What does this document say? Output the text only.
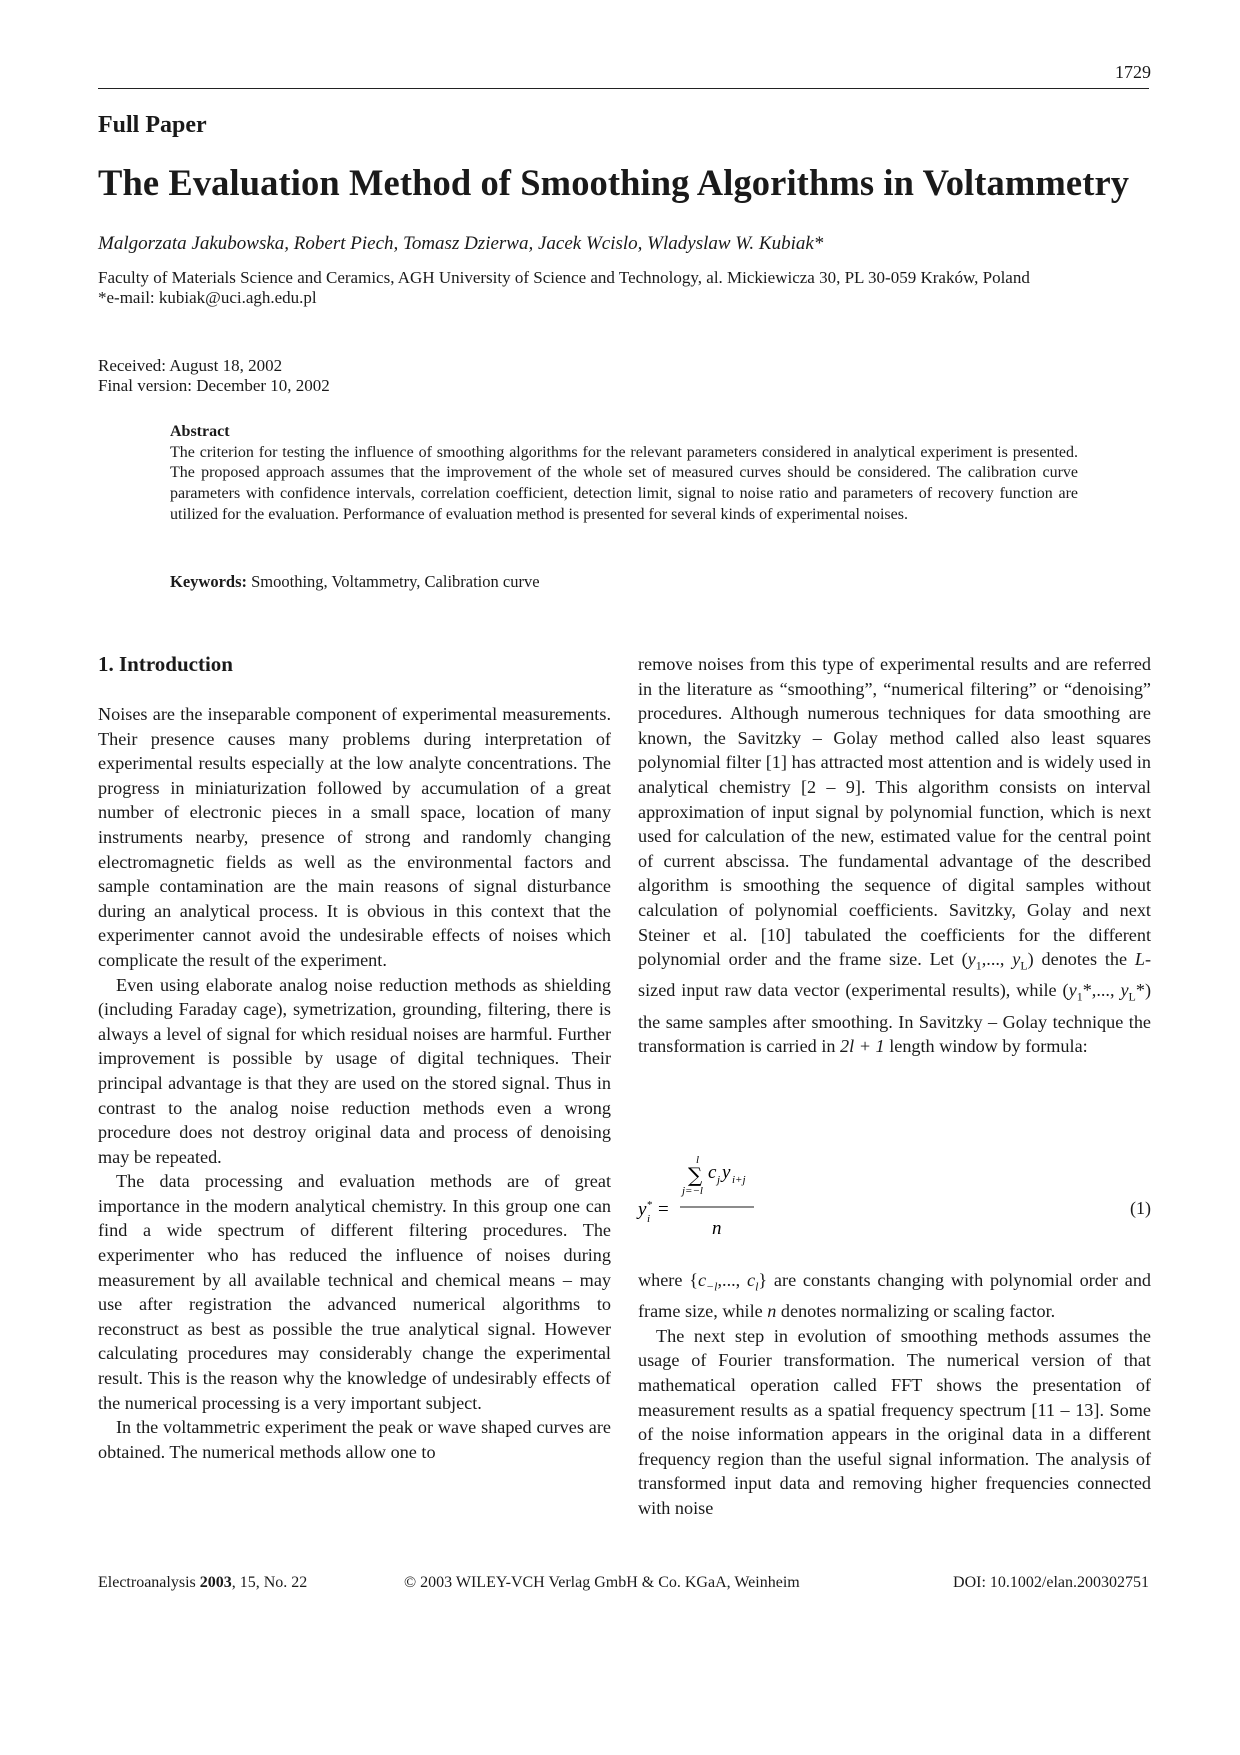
1729
Full Paper
The Evaluation Method of Smoothing Algorithms in Voltammetry
Malgorzata Jakubowska, Robert Piech, Tomasz Dzierwa, Jacek Wcislo, Wladyslaw W. Kubiak*
Faculty of Materials Science and Ceramics, AGH University of Science and Technology, al. Mickiewicza 30, PL 30-059 Kraków, Poland
*e-mail: kubiak@uci.agh.edu.pl
Received: August 18, 2002
Final version: December 10, 2002
Abstract
The criterion for testing the influence of smoothing algorithms for the relevant parameters considered in analytical experiment is presented. The proposed approach assumes that the improvement of the whole set of measured curves should be considered. The calibration curve parameters with confidence intervals, correlation coefficient, detection limit, signal to noise ratio and parameters of recovery function are utilized for the evaluation. Performance of evaluation method is presented for several kinds of experimental noises.
Keywords: Smoothing, Voltammetry, Calibration curve
1. Introduction

Noises are the inseparable component of experimental measurements. Their presence causes many problems during interpretation of experimental results especially at the low analyte concentrations. The progress in miniaturization followed by accumulation of a great number of electronic pieces in a small space, location of many instruments nearby, presence of strong and randomly changing electromagnetic fields as well as the environmental factors and sample contamination are the main reasons of signal disturbance during an analytical process. It is obvious in this context that the experimenter cannot avoid the undesirable effects of noises which complicate the result of the experiment.

Even using elaborate analog noise reduction methods as shielding (including Faraday cage), symetrization, grounding, filtering, there is always a level of signal for which residual noises are harmful. Further improvement is possible by usage of digital techniques. Their principal advantage is that they are used on the stored signal. Thus in contrast to the analog noise reduction methods even a wrong procedure does not destroy original data and process of denoising may be repeated.

The data processing and evaluation methods are of great importance in the modern analytical chemistry. In this group one can find a wide spectrum of different filtering procedures. The experimenter who has reduced the influence of noises during measurement by all available technical and chemical means – may use after registration the advanced numerical algorithms to reconstruct as best as possible the true analytical signal. However calculating procedures may considerably change the experimental result. This is the reason why the knowledge of undesirably effects of the numerical processing is a very important subject.

In the voltammetric experiment the peak or wave shaped curves are obtained. The numerical methods allow one to

remove noises from this type of experimental results and are referred in the literature as “smoothing”, “numerical filtering” or “denoising” procedures. Although numerous techniques for data smoothing are known, the Savitzky – Golay method called also least squares polynomial filter [1] has attracted most attention and is widely used in analytical chemistry [2 – 9]. This algorithm consists on interval approximation of input signal by polynomial function, which is next used for calculation of the new, estimated value for the central point of current abscissa. The fundamental advantage of the described algorithm is smoothing the sequence of digital samples without calculation of polynomial coefficients. Savitzky, Golay and next Steiner et al. [10] tabulated the coefficients for the different polynomial order and the frame size. Let ($y_1$,..., $y_L$) denotes the L-sized input raw data vector (experimental results), while ($y_1*$,..., $y_L*$) the same samples after smoothing. In Savitzky – Golay technique the transformation is carried in 2l + 1 length window by formula:

y i
* =
l
∑
j=−l
c j y i+j
n
(1)

where {$c_{-l}$,..., $c_l$} are constants changing with polynomial order and frame size, while n denotes normalizing or scaling factor.

The next step in evolution of smoothing methods assumes the usage of Fourier transformation. The numerical version of that mathematical operation called FFT shows the presentation of measurement results as a spatial frequency spectrum [11 – 13]. Some of the noise information appears in the original data in a different frequency region than the useful signal information. The analysis of transformed input data and removing higher frequencies connected with noise

Electroanalysis 2003, 15, No. 22	© 2003 WILEY-VCH Verlag GmbH & Co. KGaA, Weinheim	DOI: 10.1002/elan.200302751
